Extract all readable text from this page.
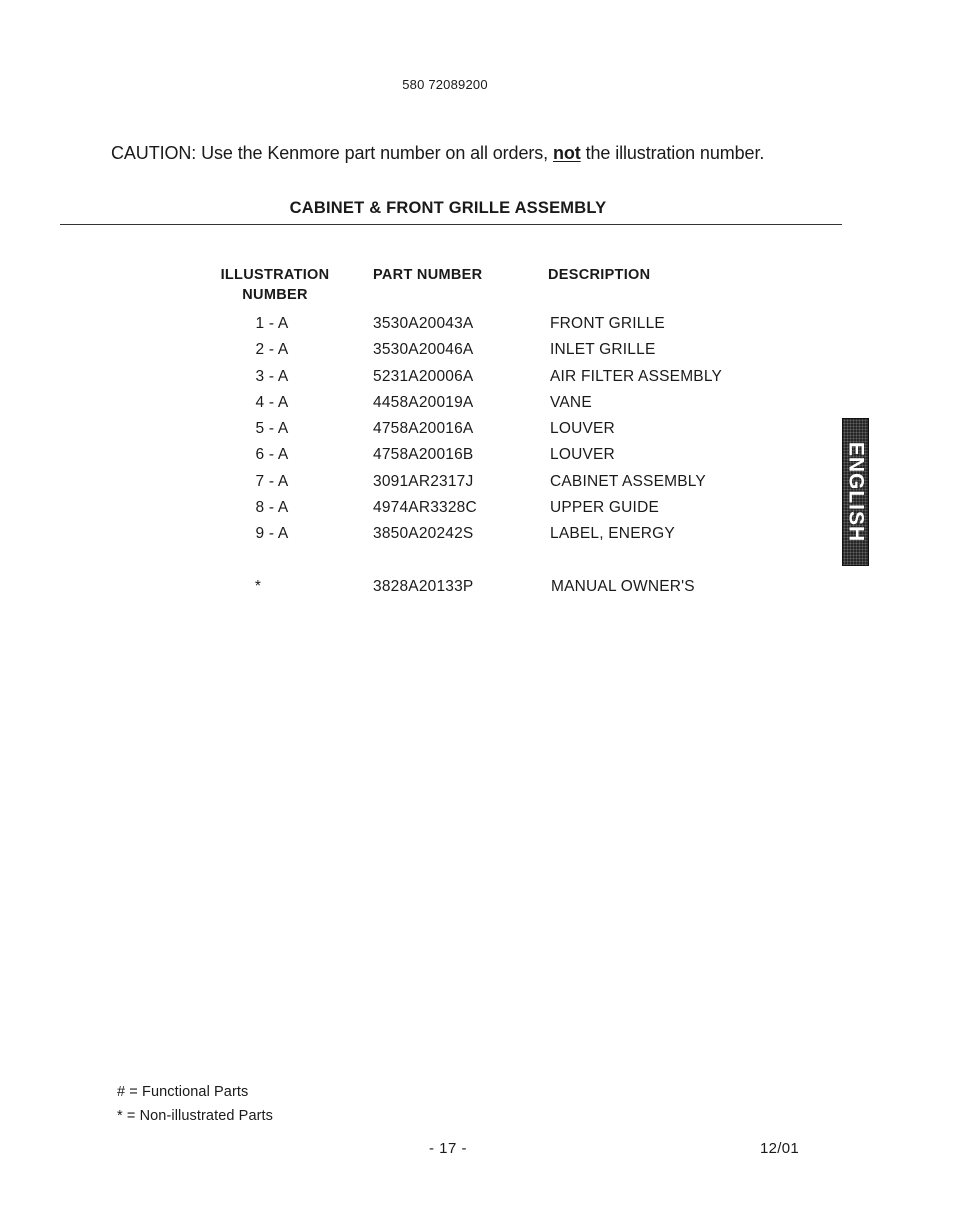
580 72089200
CAUTION: Use the Kenmore part number on all orders, not the illustration number.
CABINET & FRONT GRILLE ASSEMBLY
ILLUSTRATION
NUMBER
PART NUMBER	DESCRIPTION
1 - A	3530A20043A	FRONT GRILLE
2 - A	3530A20046A	INLET GRILLE
3 - A	5231A20006A	AIR FILTER ASSEMBLY
4 - A	4458A20019A	VANE
5 - A	4758A20016A	LOUVER
6 - A	4758A20016B	LOUVER
7 - A	3091AR2317J	CABINET ASSEMBLY
8 - A	4974AR3328C	UPPER GUIDE
9 - A	3850A20242S	LABEL, ENERGY
*	3828A20133P	MANUAL OWNER'S
ENGLISH
# = Functional Parts
* = Non-illustrated Parts
- 17 -	12/01
